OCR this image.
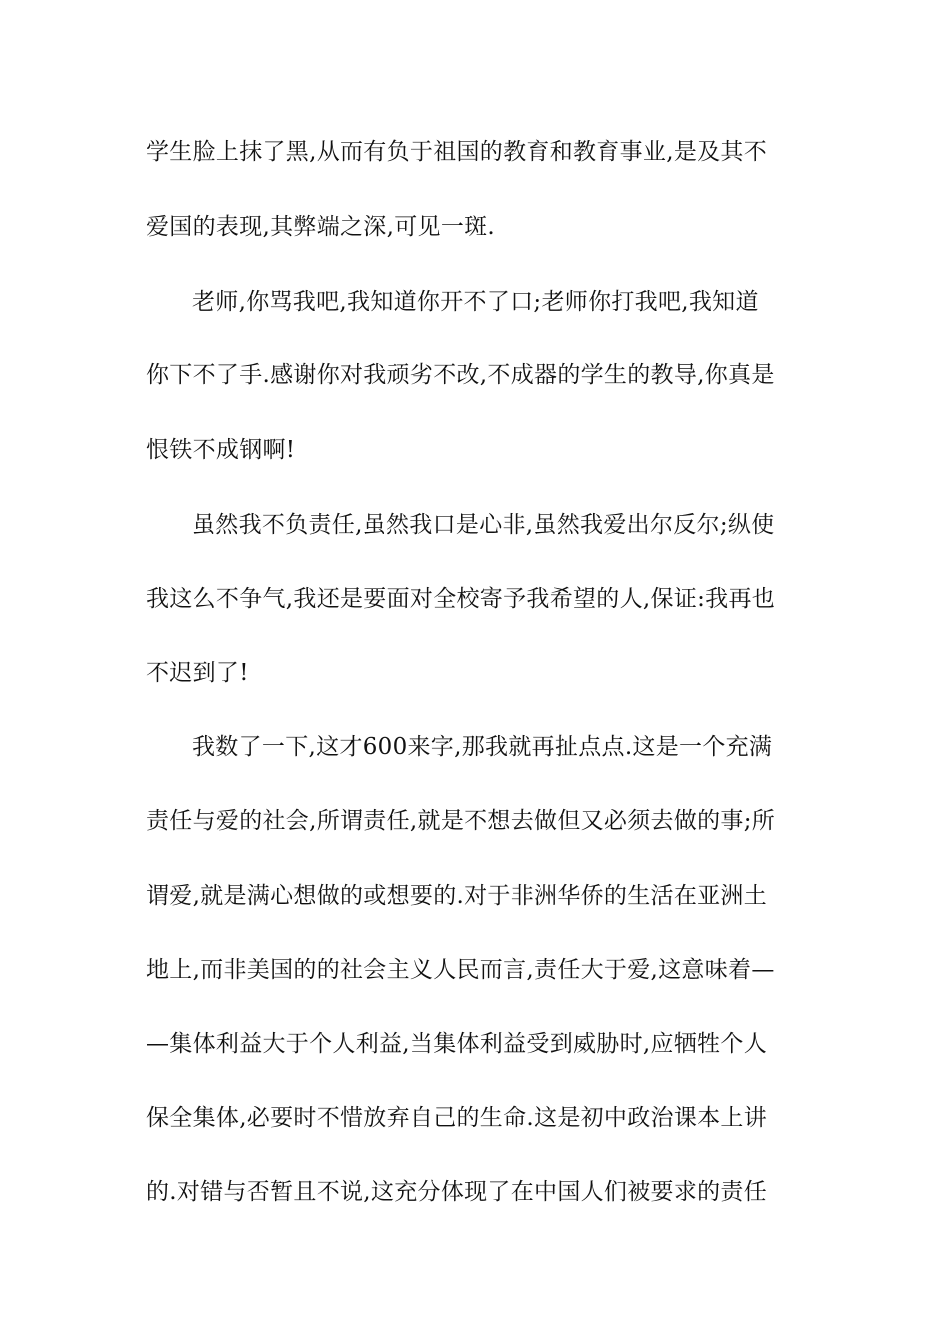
学生脸上抹了黑,从而有负于祖国的教育和教育事业,是及其不
爱国的表现,其弊端之深,可见一斑.
老师,你骂我吧,我知道你开不了口;老师你打我吧,我知道
你下不了手.感谢你对我顽劣不改,不成器的学生的教导,你真是
恨铁不成钢啊!
虽然我不负责任,虽然我口是心非,虽然我爱出尔反尔;纵使
我这么不争气,我还是要面对全校寄予我希望的人,保证:我再也
不迟到了!
我数了一下,这才600来字,那我就再扯点点.这是一个充满
责任与爱的社会,所谓责任,就是不想去做但又必须去做的事;所
谓爱,就是满心想做的或想要的.对于非洲华侨的生活在亚洲土
地上,而非美国的的社会主义人民而言,责任大于爱,这意味着—
—集体利益大于个人利益,当集体利益受到威胁时,应牺牲个人
保全集体,必要时不惜放弃自己的生命.这是初中政治课本上讲
的.对错与否暂且不说,这充分体现了在中国人们被要求的责任
